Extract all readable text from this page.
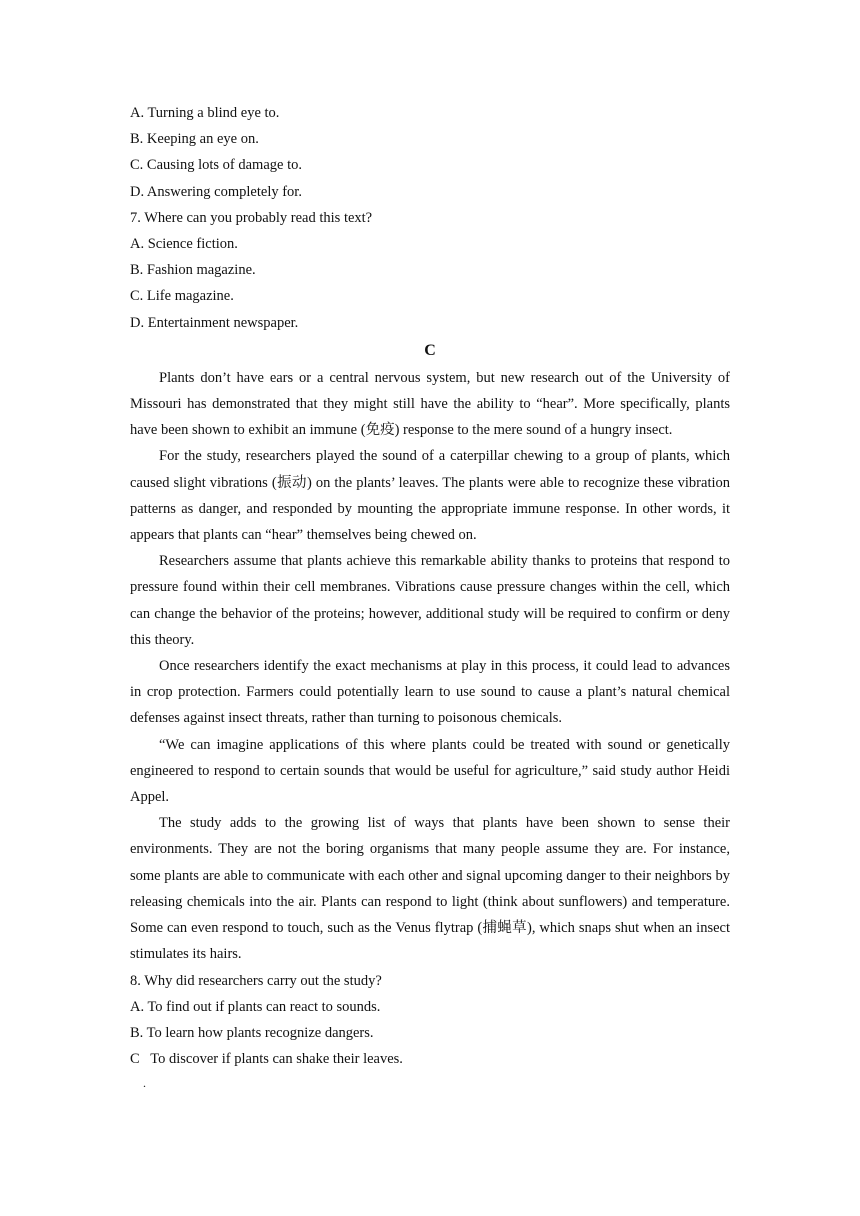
A. Turning a blind eye to.

B. Keeping an eye on.

C. Causing lots of damage to.

D. Answering completely for.

7. Where can you probably read this text?

A. Science fiction.

B. Fashion magazine.

C. Life magazine.

D. Entertainment newspaper.

C

Plants don’t have ears or a central nervous system, but new research out of the University of Missouri has demonstrated that they might still have the ability to “hear”. More specifically, plants have been shown to exhibit an immune (免疫) response to the mere sound of a hungry insect.

For the study, researchers played the sound of a caterpillar chewing to a group of plants, which caused slight vibrations (振动) on the plants’ leaves. The plants were able to recognize these vibration patterns as danger, and responded by mounting the appropriate immune response. In other words, it appears that plants can “hear” themselves being chewed on.

Researchers assume that plants achieve this remarkable ability thanks to proteins that respond to pressure found within their cell membranes. Vibrations cause pressure changes within the cell, which can change the behavior of the proteins; however, additional study will be required to confirm or deny this theory.

Once researchers identify the exact mechanisms at play in this process, it could lead to advances in crop protection. Farmers could potentially learn to use sound to cause a plant’s natural chemical defenses against insect threats, rather than turning to poisonous chemicals.

“We can imagine applications of this where plants could be treated with sound or genetically engineered to respond to certain sounds that would be useful for agriculture,” said study author Heidi Appel.

The study adds to the growing list of ways that plants have been shown to sense their environments. They are not the boring organisms that many people assume they are. For instance, some plants are able to communicate with each other and signal upcoming danger to their neighbors by releasing chemicals into the air. Plants can respond to light (think about sunflowers) and temperature. Some can even respond to touch, such as the Venus flytrap (捕蝇草), which snaps shut when an insect stimulates its hairs.

8. Why did researchers carry out the study?

A. To find out if plants can react to sounds.

B. To learn how plants recognize dangers.

C   To discover if plants can shake their leaves.

.
